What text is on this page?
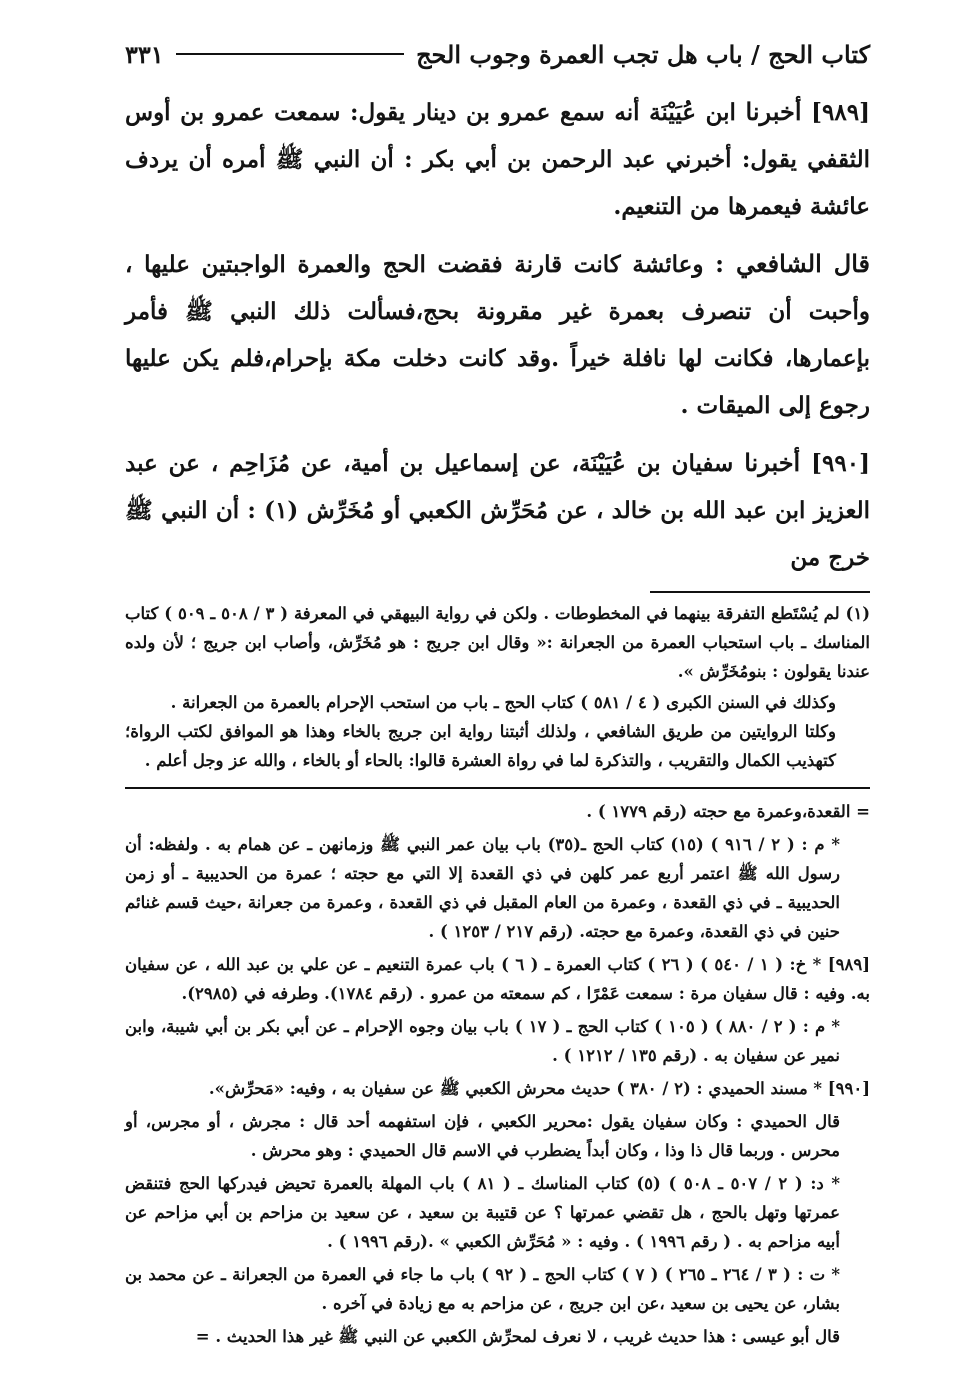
كتاب الحج / باب هل تجب العمرة وجوب الحج
٣٣١

[٩٨٩] أخبرنا ابن عُيَيْنَة أنه سمع عمرو بن دينار يقول: سمعت عمرو بن أوس الثقفي يقول: أخبرني عبد الرحمن بن أبي بكر : أن النبي ﷺ أمره أن يردف عائشة فيعمرها من التنعيم.

قال الشافعي : وعائشة كانت قارنة فقضت الحج والعمرة الواجبتين عليها ، وأحبت أن تنصرف بعمرة غير مقرونة بحج،فسألت ذلك النبي ﷺ فأمر بإعمارها، فكانت لها نافلة خيراً .وقد كانت دخلت مكة بإحرام،فلم يكن عليها رجوع إلى الميقات .

[٩٩٠] أخبرنا سفيان بن عُيَيْنَة، عن إسماعيل بن أمية، عن مُزَاحِم ، عن عبد العزيز ابن عبد الله بن خالد ، عن مُحَرِّش الكعبي أو مُخَرِّش (١) : أن النبي ﷺ خرج من

(١) لم يُسْتَطع التفرقة بينهما في المخطوطات . ولكن في رواية البيهقي في المعرفة ( ٣ / ٥٠٨ ـ ٥٠٩ ) كتاب المناسك ـ باب استحباب العمرة من الجعرانة :« وقال ابن جريج : هو مُخَرِّش، وأصاب ابن جريج ؛ لأن ولده عندنا يقولون : بنومُخَرِّش ».

وكذلك في السنن الكبرى ( ٤ / ٥٨١ ) كتاب الحج ـ باب من استحب الإحرام بالعمرة من الجعرانة .

وكلتا الروايتين من طريق الشافعي ، ولذلك أثبتنا رواية ابن جريج بالخاء وهذا هو الموافق لكتب الرواة؛ كتهذيب الكمال والتقريب ، والتذكرة لما في رواة العشرة قالوا: بالحاء أو بالخاء ، والله عز وجل أعلم .

= القعدة،وعمرة مع حجته (رقم ١٧٧٩ ) .

* م : ( ٢ / ٩١٦ ) (١٥) كتاب الحج ـ(٣٥) باب بيان عمر النبي ﷺ وزمانهن ـ عن همام به . ولفظه: أن رسول الله ﷺ اعتمر أربع عمر كلهن في ذي القعدة إلا التي مع حجته ؛ عمرة من الحديبية ـ أو زمن الحديبية ـ في ذي القعدة ، وعمرة من العام المقبل في ذي القعدة ، وعمرة من جعرانة ،حيث قسم غنائم حنين في ذي القعدة، وعمرة مع حجته. (رقم ٢١٧ / ١٢٥٣ ) .

[٩٨٩] * خ: ( ١ / ٥٤٠ ) ( ٢٦ ) كتاب العمرة ـ ( ٦ ) باب عمرة التنعيم ـ عن علي بن عبد الله ، عن سفيان به. وفيه : قال سفيان مرة : سمعت عَمْرًا ، كم سمعته من عمرو . (رقم ١٧٨٤). وطرفه في (٢٩٨٥).

* م : ( ٢ / ٨٨٠ ) ( ١٠٥ ) كتاب الحج ـ ( ١٧ ) باب بيان وجوه الإحرام ـ عن أبي بكر بن أبي شيبة، وابن نمير عن سفيان به . (رقم ١٣٥ / ١٢١٢ ) .

[٩٩٠] * مسند الحميدي : (٢ / ٣٨٠ ) حديث محرش الكعبي ﷺ عن سفيان به ، وفيه: «مَحرِّش».

قال الحميدي : وكان سفيان يقول :محرير الكعبي ، فإن استفهمه أحد قال : مجرش ، أو مجرس، أو محرس . وربما قال ذا وذا ، وكان أبداً يضطرب في الاسم قال الحميدي : وهو محرش .

* د: ( ٢ / ٥٠٧ ـ ٥٠٨ ) (٥) كتاب المناسك ـ ( ٨١ ) باب المهلة بالعمرة تحيض فيدركها الحج فتنقض عمرتها وتهل بالحج ، هل تقضي عمرتها ؟ عن قتيبة بن سعيد ، عن سعيد بن مزاحم بن أبي مزاحم عن أبيه مزاحم به . ( رقم ١٩٩٦ ) . وفيه : « مُحَرِّش الكعبي » .(رقم ١٩٩٦ ) .

* ت : ( ٣ / ٢٦٤ ـ ٢٦٥ ) ( ٧ ) كتاب الحج ـ ( ٩٢ ) باب ما جاء في العمرة من الجعرانة ـ عن محمد بن بشار، عن يحيى بن سعيد ،عن ابن جريج ، عن مزاحم به مع زيادة في آخره .

قال أبو عيسى : هذا حديث غريب ، لا نعرف لمحرِّش الكعبي عن النبي ﷺ غير هذا الحديث . =
